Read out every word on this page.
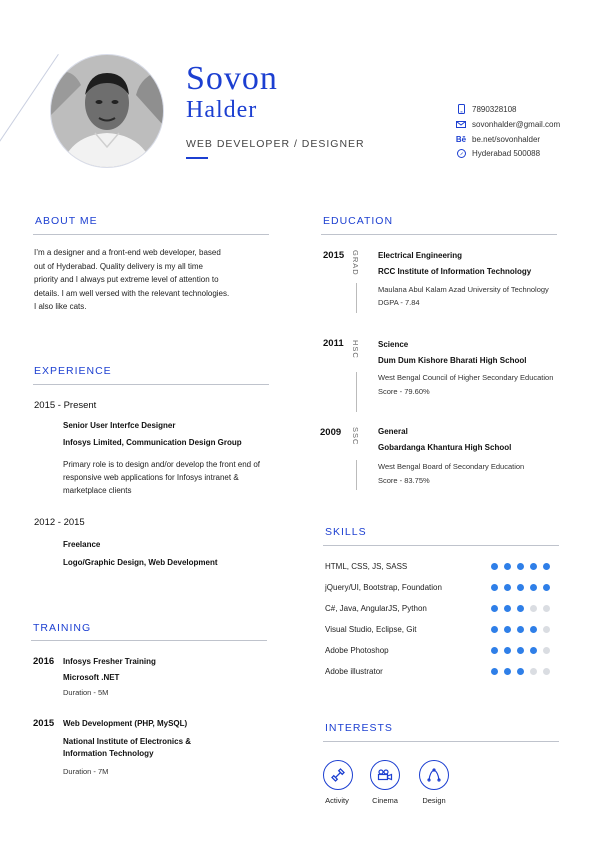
Sovon
Halder
WEB DEVELOPER / DESIGNER
7890328108
sovonhalder@gmail.com
Bē be.net/sovonhalder
Hyderabad 500088
ABOUT ME
I’m a designer and a front-end web developer, based
out of Hyderabad. Quality delivery is my all time
priority and I always put extreme level of attention to
details. I am well versed with the relevant technologies.
I also like cats.
EXPERIENCE
2015 - Present
Senior User Interfce Designer
Infosys Limited, Communication Design Group
Primary role is to design and/or develop the front end of
responsive web applications for Infosys intranet &
marketplace clients
2012 - 2015
Freelance
Logo/Graphic Design, Web Development
TRAINING
2016 Infosys Fresher Training
Microsoft .NET
Duration - 5M
2015 Web Development (PHP, MySQL)
National Institute of Electronics &
Information Technology
Duration - 7M
EDUCATION
2015 GRAD Electrical Engineering
RCC Institute of Information Technology
Maulana Abul Kalam Azad University of Technology
DGPA - 7.84
2011 HSC Science
Dum Dum Kishore Bharati High School
West Bengal Council of Higher Secondary Education
Score - 79.60%
2009 SSC General
Gobardanga Khantura High School
West Bengal Board of Secondary Education
Score - 83.75%
SKILLS
HTML, CSS, JS, SASS
jQuery/UI, Bootstrap, Foundation
C#, Java, AngularJS, Python
Visual Studio, Eclipse, Git
Adobe Photoshop
Adobe illustrator
INTERESTS
Activity	Cinema	Design
